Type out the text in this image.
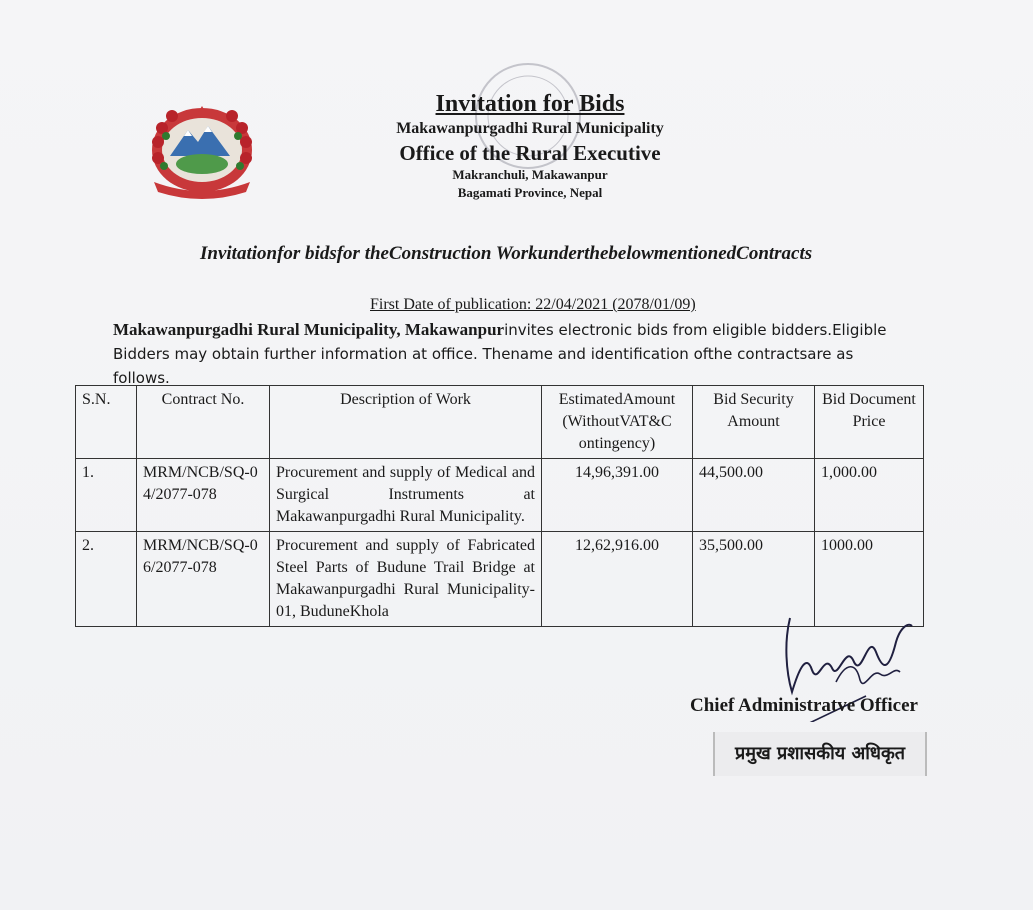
Invitation for Bids
Makawanpurgadhi Rural Municipality
Office of the Rural Executive
Makranchuli, Makawanpur
Bagamati Province, Nepal
Invitationfor bidsfor theConstruction WorkunderthebelowmentionedContracts
First Date of publication: 22/04/2021 (2078/01/09)
Makawanpurgadhi Rural Municipality, Makawanpurinvites electronic bids from eligible bidders.Eligible Bidders may obtain further information at office. Thename and identification ofthe contractsare as follows.
S.N.	Contract No.	Description of Work	EstimatedAmount (WithoutVAT&C ontingency)	Bid Security Amount	Bid Document Price
1.	MRM/NCB/SQ-04/2077-078	Procurement and supply of Medical and Surgical Instruments at Makawanpurgadhi Rural Municipality.	14,96,391.00	44,500.00	1,000.00
2.	MRM/NCB/SQ-06/2077-078	Procurement and supply of Fabricated Steel Parts of Budune Trail Bridge at Makawanpurgadhi Rural Municipality-01, BuduneKhola	12,62,916.00	35,500.00	1000.00
Chief Administratve Officer
प्रमुख प्रशासकीय अधिकृत
